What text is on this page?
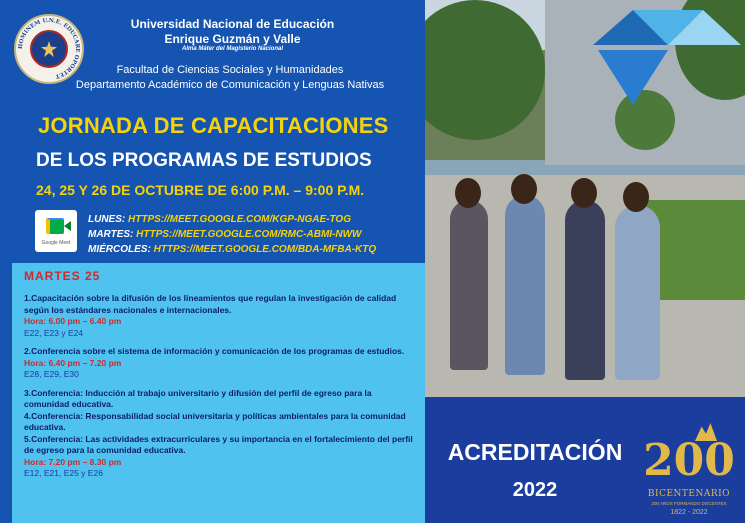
HOMINEM U.N.E. EDUCARE OPORTET
Universidad Nacional de Educación
Enrique Guzmán y Valle
Alma Máter del Magisterio Nacional
Facultad de Ciencias Sociales y Humanidades
Departamento Académico de Comunicación y Lenguas Nativas
JORNADA DE CAPACITACIONES
DE LOS PROGRAMAS DE ESTUDIOS
24, 25 Y 26 DE OCTUBRE DE 6:00 P.M. – 9:00 P.M.
Google Meet
LUNES: HTTPS://MEET.GOOGLE.COM/KGP-NGAE-TOG
MARTES: HTTPS://MEET.GOOGLE.COM/RMC-ABMI-NWW
MIÉRCOLES: HTTPS://MEET.GOOGLE.COM/BDA-MFBA-KTQ
MARTES 25
1.Capacitación sobre la difusión de los lineamientos que regulan la investigación de calidad según los estándares nacionales e internacionales.
Hora: 6.00 pm – 6.40 pm
E22, E23 y E24
2.Conferencia sobre el sistema de información y comunicación de los programas de estudios.
Hora: 6.40 pm – 7.20 pm
E28, E29, E30
3.Conferencia: Inducción al trabajo universitario y difusión del perfil de egreso para la comunidad educativa.
4.Conferencia: Responsabilidad social universitaria y políticas ambientales para la comunidad educativa.
5.Conferencia: Las actividades extracurriculares y su importancia en el fortalecimiento del perfil de egreso para la comunidad educativa.
Hora: 7.20 pm – 8.30 pm
E12, E21, E25 y E26
ACREDITACIÓN
2022
200
BICENTENARIO
200 AÑOS FORMANDO DOCENTES
1822 - 2022
